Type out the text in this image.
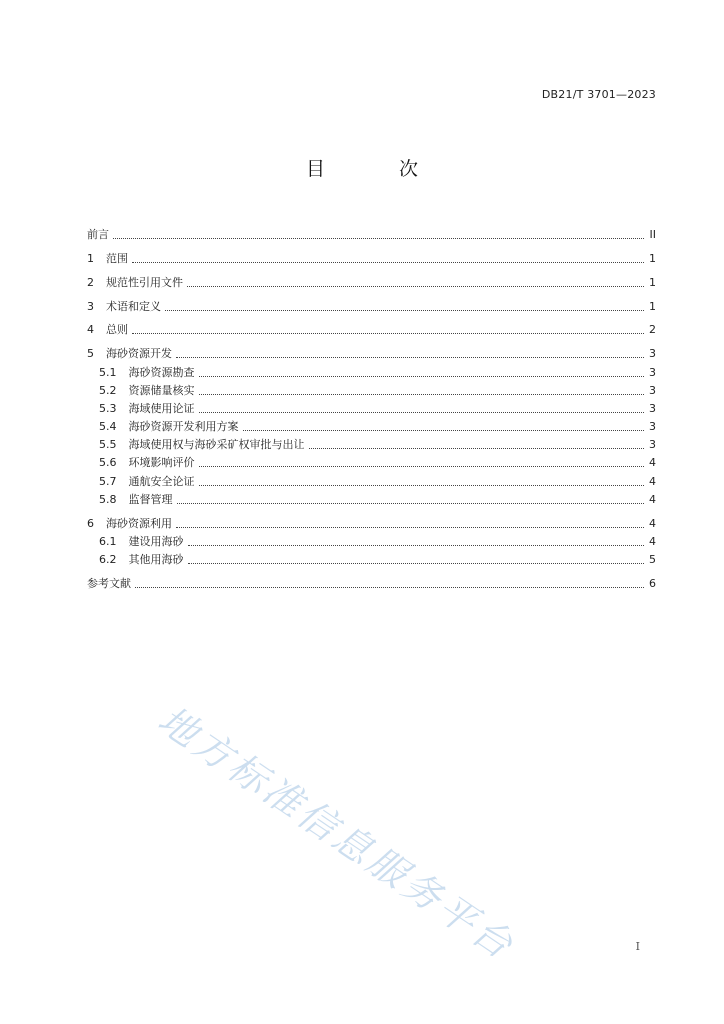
DB21/T 3701—2023
目 次
前言	II
1 范围	1
2 规范性引用文件	1
3 术语和定义	1
4 总则	2
5 海砂资源开发	3
5.1 海砂资源勘查	3
5.2 资源储量核实	3
5.3 海域使用论证	3
5.4 海砂资源开发利用方案	3
5.5 海域使用权与海砂采矿权审批与出让	3
5.6 环境影响评价	4
5.7 通航安全论证	4
5.8 监督管理	4
6 海砂资源利用	4
6.1 建设用海砂	4
6.2 其他用海砂	5
参考文献	6
地方标准信息服务平台	I
